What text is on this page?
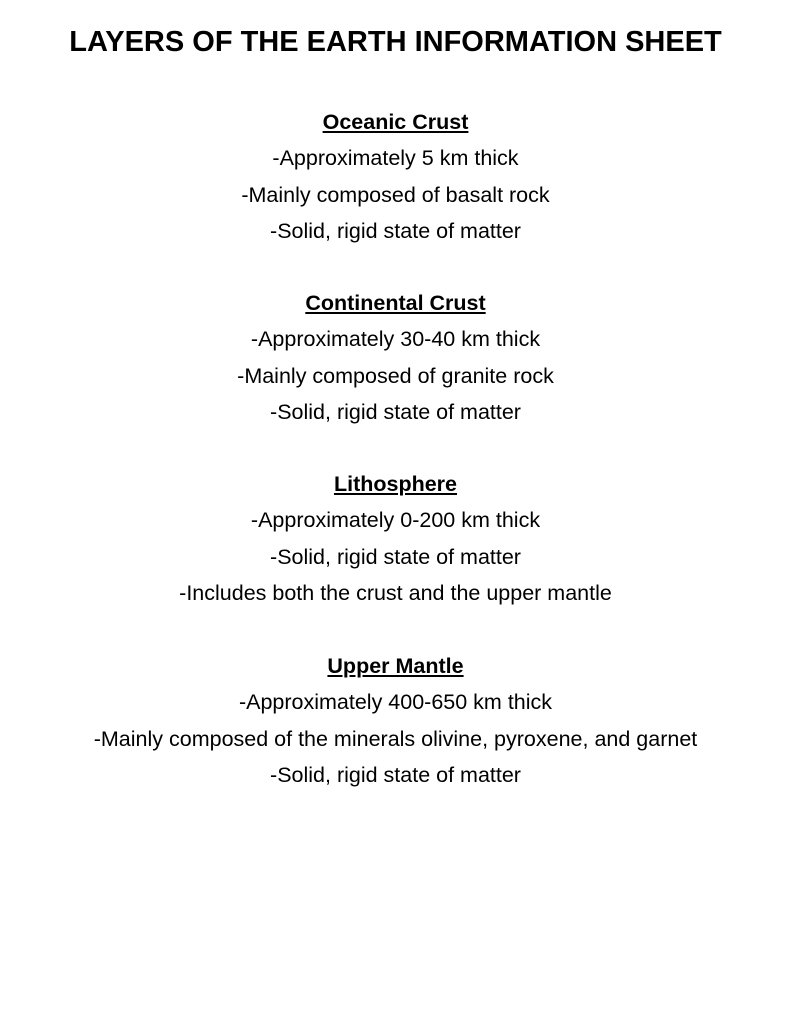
LAYERS OF THE EARTH INFORMATION SHEET

Oceanic Crust

-Approximately 5 km thick

-Mainly composed of basalt rock

-Solid, rigid state of matter

Continental Crust

-Approximately 30-40 km thick

-Mainly composed of granite rock

-Solid, rigid state of matter

Lithosphere

-Approximately 0-200 km thick

-Solid, rigid state of matter

-Includes both the crust and the upper mantle

Upper Mantle

-Approximately 400-650 km thick

-Mainly composed of the minerals olivine, pyroxene, and garnet

-Solid, rigid state of matter
